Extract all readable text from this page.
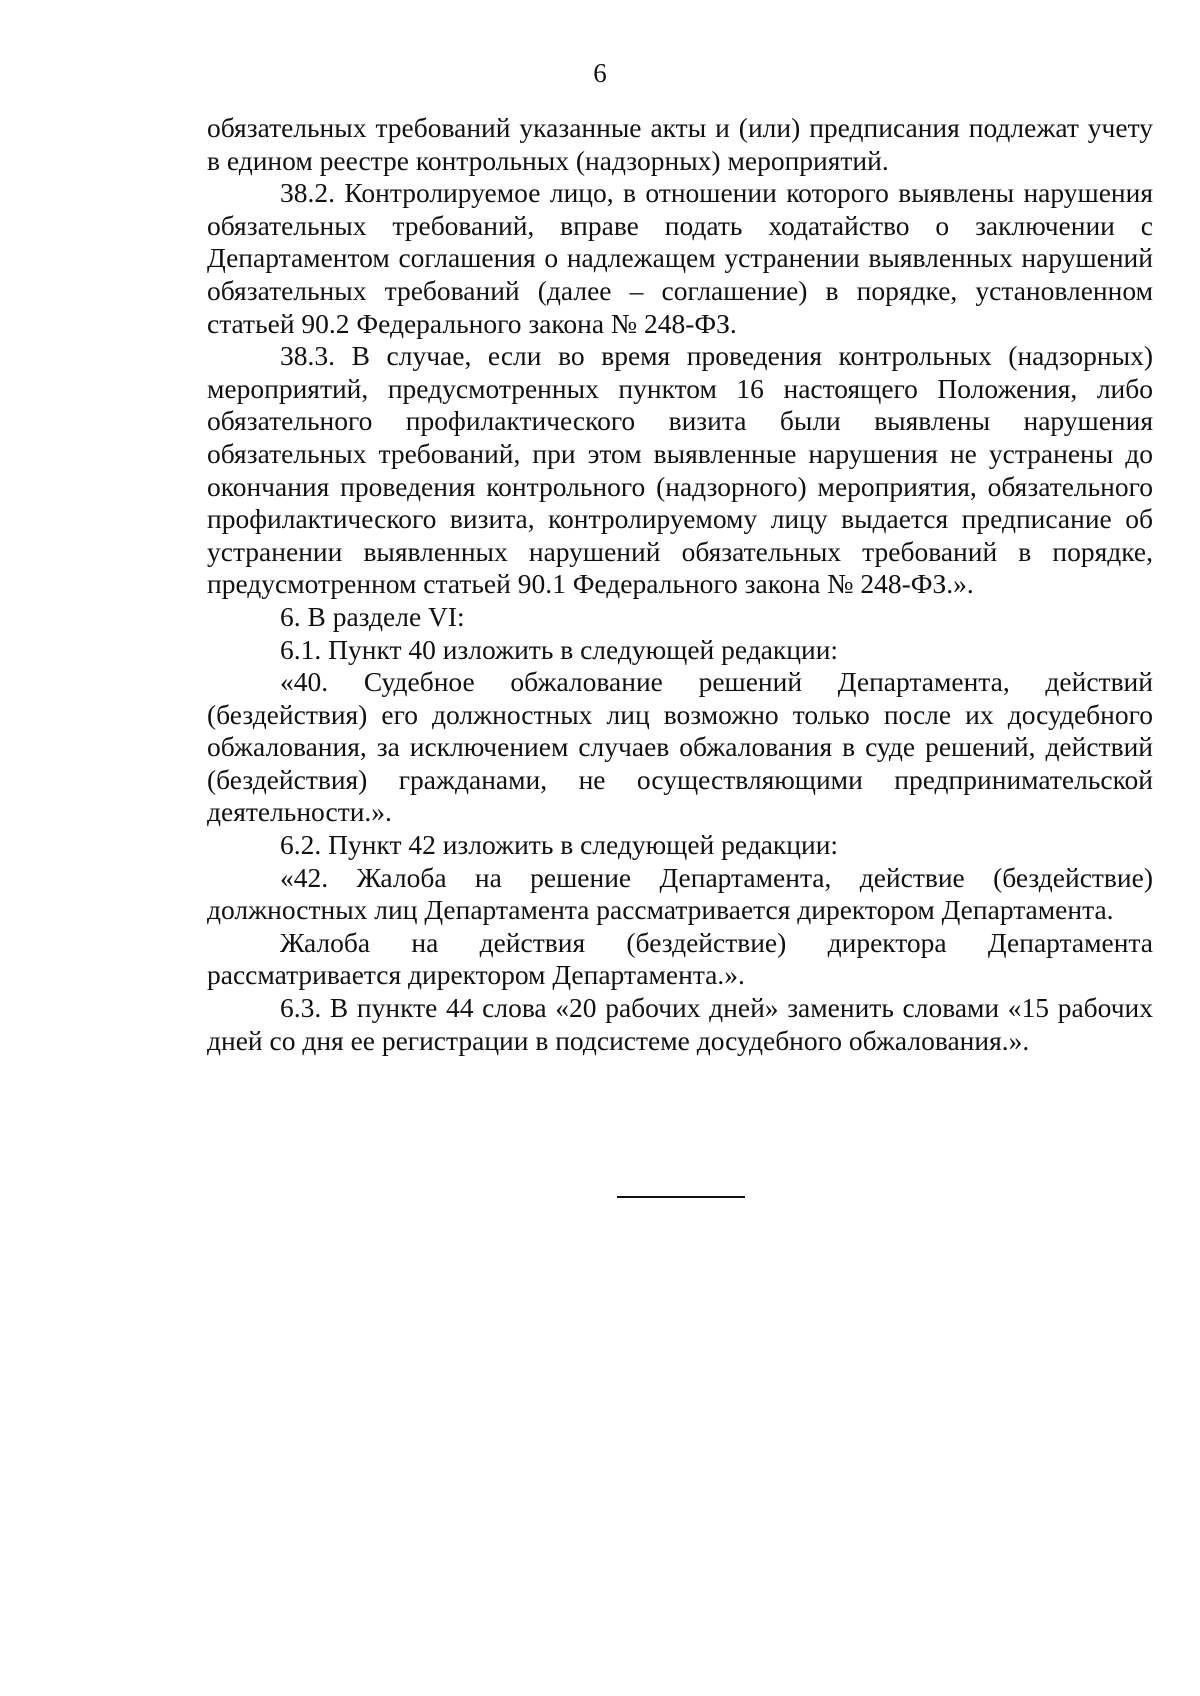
6

обязательных требований указанные акты и (или) предписания подлежат учету в едином реестре контрольных (надзорных) мероприятий.

38.2. Контролируемое лицо, в отношении которого выявлены нарушения обязательных требований, вправе подать ходатайство о заключении с Департаментом соглашения о надлежащем устранении выявленных нарушений обязательных требований (далее – соглашение) в порядке, установленном статьей 90.2 Федерального закона № 248-ФЗ.

38.3. В случае, если во время проведения контрольных (надзорных) мероприятий, предусмотренных пунктом 16 настоящего Положения, либо обязательного профилактического визита были выявлены нарушения обязательных требований, при этом выявленные нарушения не устранены до окончания проведения контрольного (надзорного) мероприятия, обязательного профилактического визита, контролируемому лицу выдается предписание об устранении выявленных нарушений обязательных требований в порядке, предусмотренном статьей 90.1 Федерального закона № 248-ФЗ.».

6. В разделе VI:

6.1. Пункт 40 изложить в следующей редакции:

«40. Судебное обжалование решений Департамента, действий (бездействия) его должностных лиц возможно только после их досудебного обжалования, за исключением случаев обжалования в суде решений, действий (бездействия) гражданами, не осуществляющими предпринимательской деятельности.».

6.2. Пункт 42 изложить в следующей редакции:

«42. Жалоба на решение Департамента, действие (бездействие) должностных лиц Департамента рассматривается директором Департамента.

Жалоба на действия (бездействие) директора Департамента рассматривается директором Департамента.».

6.3. В пункте 44 слова «20 рабочих дней» заменить словами «15 рабочих дней со дня ее регистрации в подсистеме досудебного обжалования.».
